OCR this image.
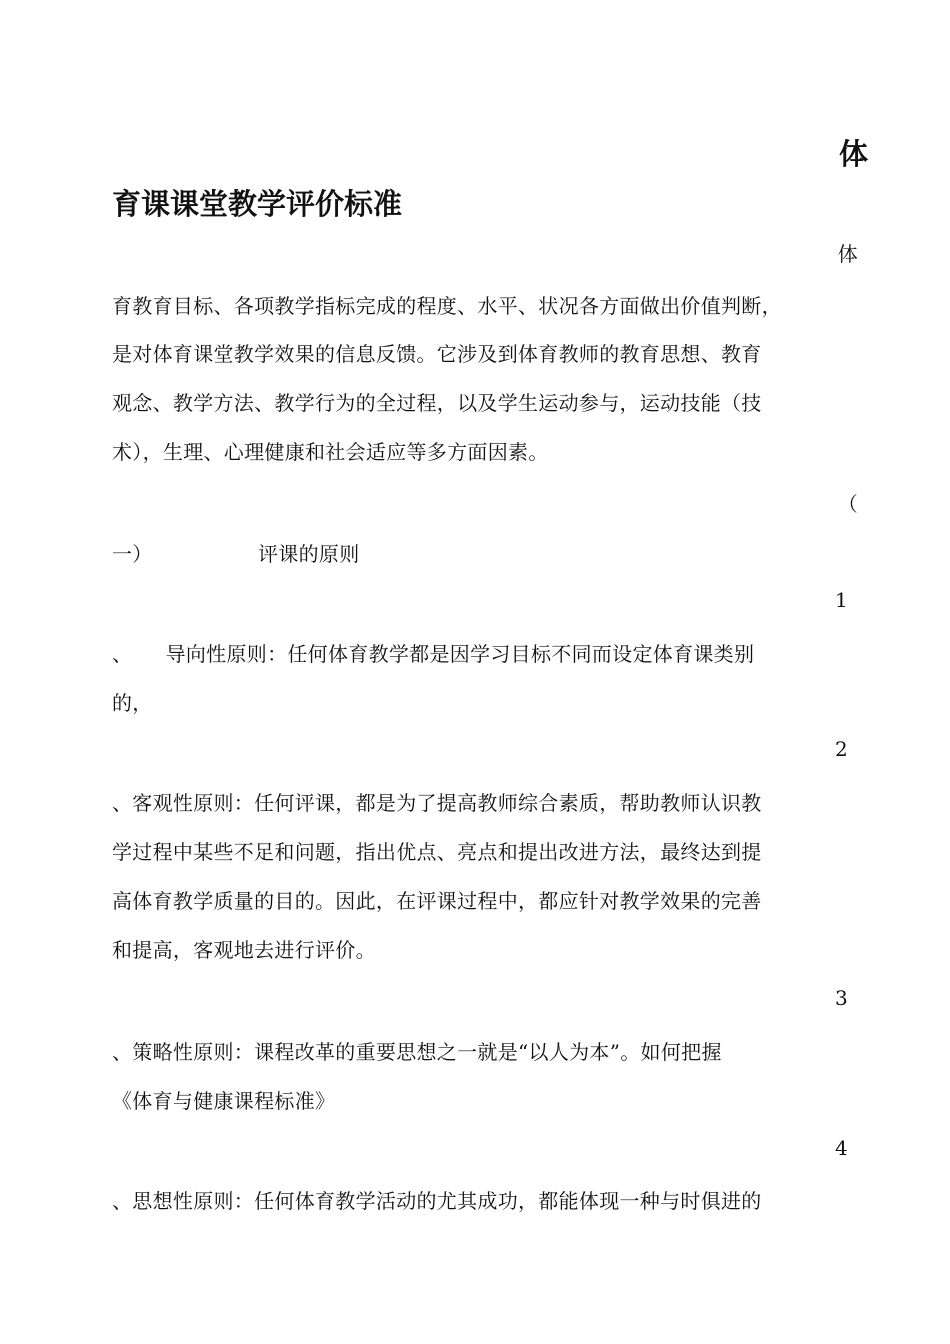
体
育课课堂教学评价标准
体
育教育目标、各项教学指标完成的程度、水平、状况各方面做出价值判断，
是对体育课堂教学效果的信息反馈。它涉及到体育教师的教育思想、教育
观念、教学方法、教学行为的全过程，以及学生运动参与，运动技能（技
术），生理、心理健康和社会适应等多方面因素。
（
一）	评课的原则
1
、     导向性原则：任何体育教学都是因学习目标不同而设定体育课类别
的，
2
、客观性原则：任何评课，都是为了提高教师综合素质，帮助教师认识教
学过程中某些不足和问题，指出优点、亮点和提出改进方法，最终达到提
高体育教学质量的目的。因此，在评课过程中，都应针对教学效果的完善
和提高，客观地去进行评价。
3
、策略性原则：课程改革的重要思想之一就是“以人为本”。如何把握
《体育与健康课程标准》
4
、思想性原则：任何体育教学活动的尤其成功，都能体现一种与时俱进的
